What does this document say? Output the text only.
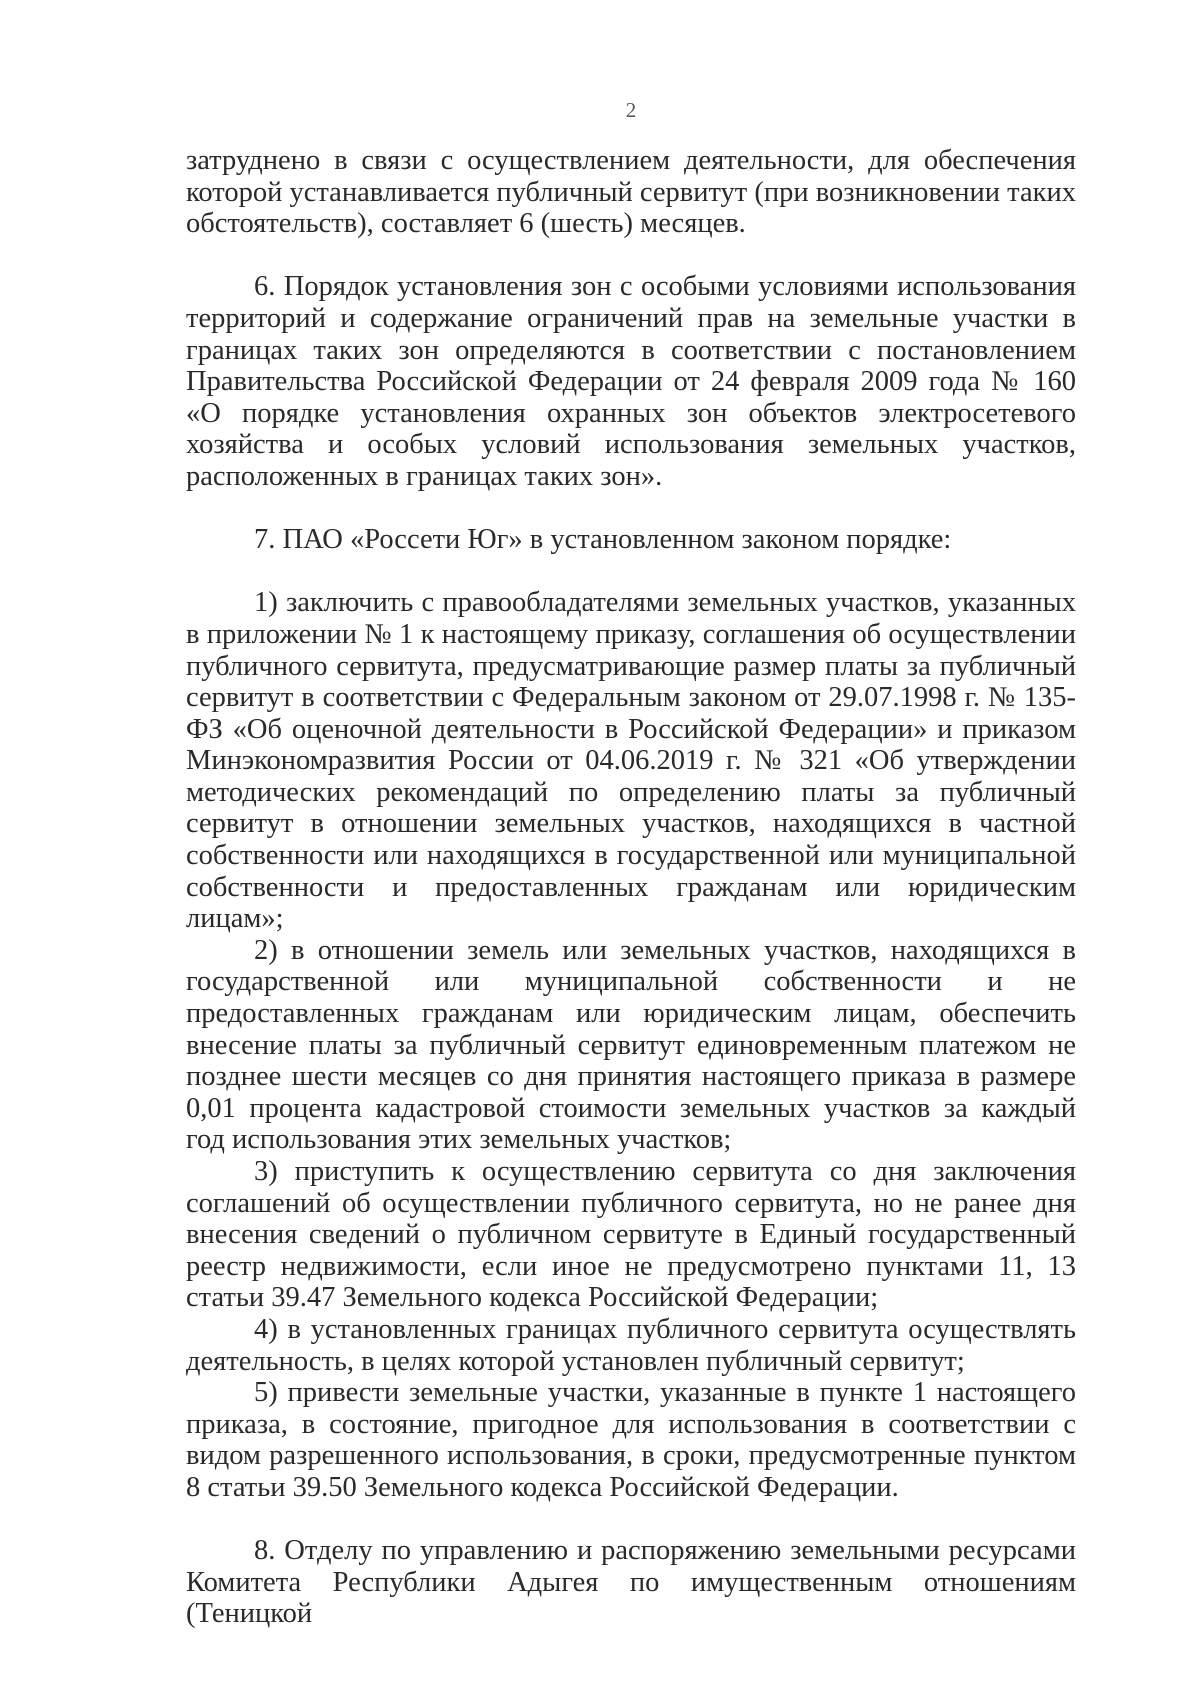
2

затруднено в связи с осуществлением деятельности, для обеспечения которой устанавливается публичный сервитут (при возникновении таких обстоятельств), составляет 6 (шесть) месяцев.

6. Порядок установления зон с особыми условиями использования территорий и содержание ограничений прав на земельные участки в границах таких зон определяются в соответствии с постановлением Правительства Российской Федерации от 24 февраля 2009 года № 160 «О порядке установления охранных зон объектов электросетевого хозяйства и особых условий использования земельных участков, расположенных в границах таких зон».

7. ПАО «Россети Юг» в установленном законом порядке:

1) заключить с правообладателями земельных участков, указанных в приложении № 1 к настоящему приказу, соглашения об осуществлении публичного сервитута, предусматривающие размер платы за публичный сервитут в соответствии с Федеральным законом от 29.07.1998 г. № 135-ФЗ «Об оценочной деятельности в Российской Федерации» и приказом Минэкономразвития России от 04.06.2019 г. № 321 «Об утверждении методических рекомендаций по определению платы за публичный сервитут в отношении земельных участков, находящихся в частной собственности или находящихся в государственной или муниципальной собственности и предоставленных гражданам или юридическим лицам»;

2) в отношении земель или земельных участков, находящихся в государственной или муниципальной собственности и не предоставленных гражданам или юридическим лицам, обеспечить внесение платы за публичный сервитут единовременным платежом не позднее шести месяцев со дня принятия настоящего приказа в размере 0,01 процента кадастровой стоимости земельных участков за каждый год использования этих земельных участков;

3) приступить к осуществлению сервитута со дня заключения соглашений об осуществлении публичного сервитута, но не ранее дня внесения сведений о публичном сервитуте в Единый государственный реестр недвижимости, если иное не предусмотрено пунктами 11, 13 статьи 39.47 Земельного кодекса Российской Федерации;

4) в установленных границах публичного сервитута осуществлять деятельность, в целях которой установлен публичный сервитут;

5) привести земельные участки, указанные в пункте 1 настоящего приказа, в состояние, пригодное для использования в соответствии с видом разрешенного использования, в сроки, предусмотренные пунктом 8 статьи 39.50 Земельного кодекса Российской Федерации.

8. Отделу по управлению и распоряжению земельными ресурсами Комитета Республики Адыгея по имущественным отношениям (Теницкой
